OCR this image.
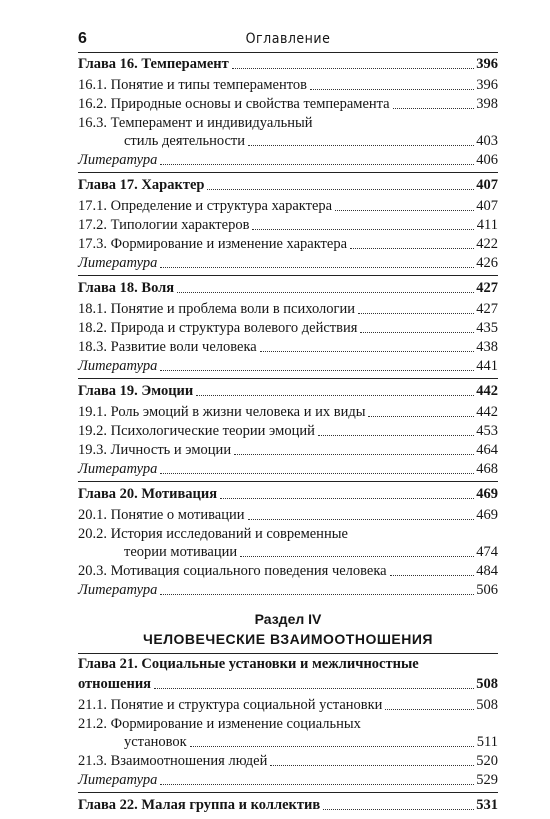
6	Оглавление
Глава 16. Темперамент	396
16.1. Понятие и типы темпераментов	396
16.2. Природные основы и свойства темперамента	398
16.3. Темперамент и индивидуальный
стиль деятельности	403
Литература	406
Глава 17. Характер	407
17.1. Определение и структура характера	407
17.2. Типологии характеров	411
17.3. Формирование и изменение характера	422
Литература	426
Глава 18. Воля	427
18.1. Понятие и проблема воли в психологии	427
18.2. Природа и структура волевого действия	435
18.3. Развитие воли человека	438
Литература	441
Глава 19. Эмоции	442
19.1. Роль эмоций в жизни человека и их виды	442
19.2. Психологические теории эмоций	453
19.3. Личность и эмоции	464
Литература	468
Глава 20. Мотивация	469
20.1. Понятие о мотивации	469
20.2. История исследований и современные
теории мотивации	474
20.3. Мотивация социального поведения человека	484
Литература	506
Раздел IV
ЧЕЛОВЕЧЕСКИЕ ВЗАИМООТНОШЕНИЯ
Глава 21. Социальные установки и межличностные
отношения	508
21.1. Понятие и структура социальной установки	508
21.2. Формирование и изменение социальных
установок	511
21.3. Взаимоотношения людей	520
Литература	529
Глава 22. Малая группа и коллектив	531
